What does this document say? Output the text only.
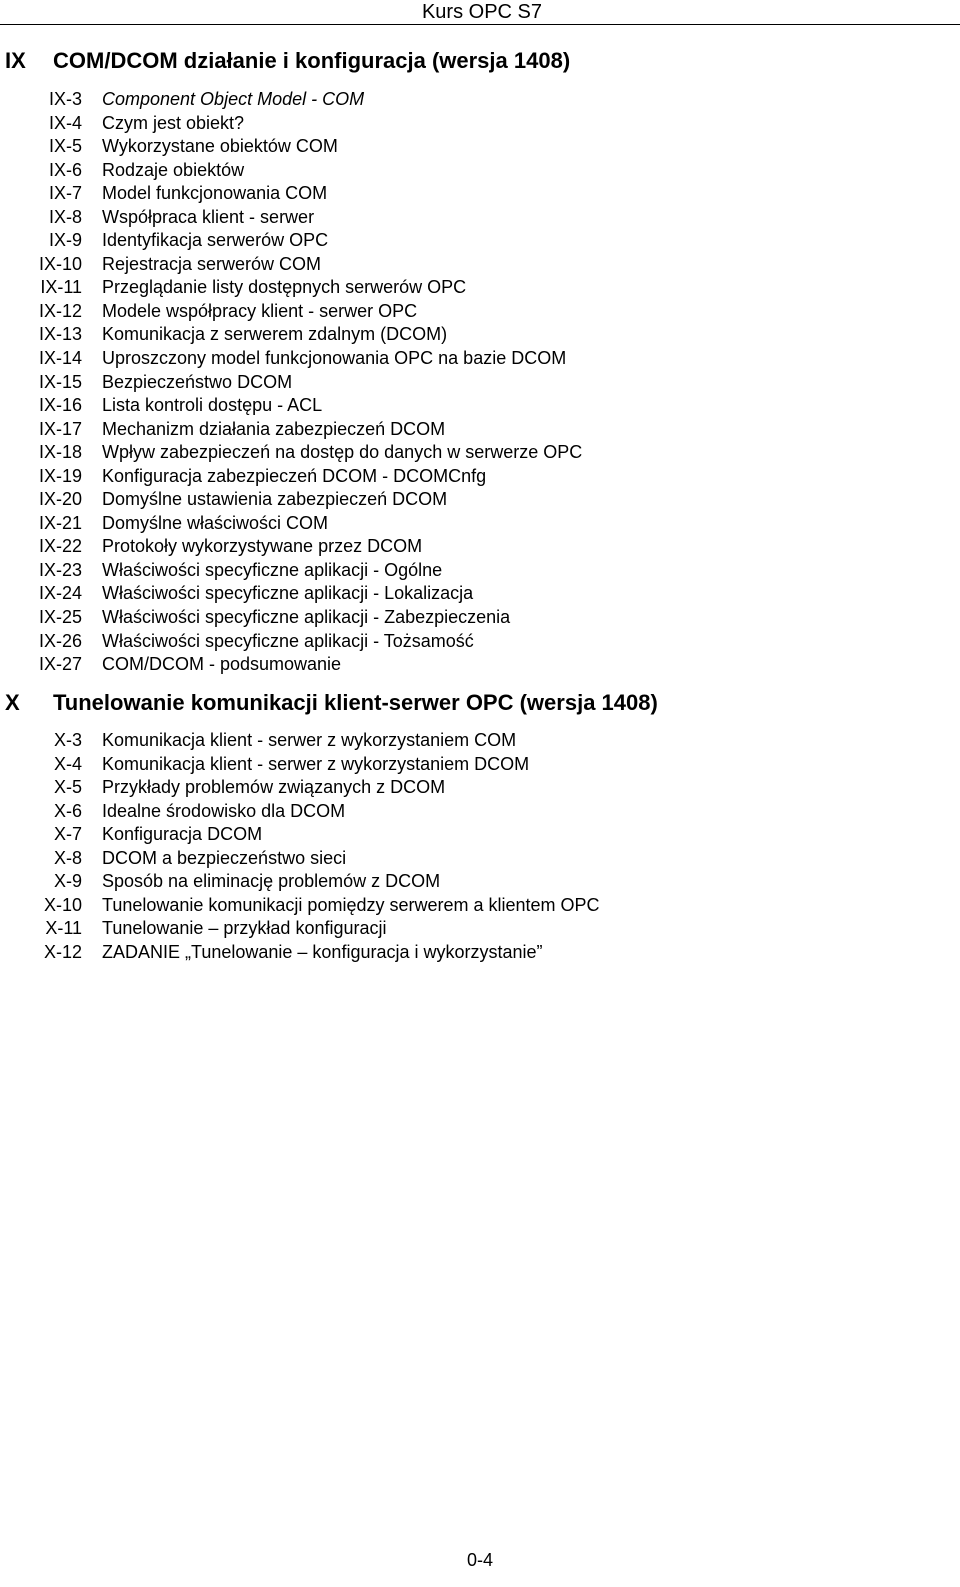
Kurs OPC S7
IX COM/DCOM działanie i konfiguracja (wersja 1408)
IX-3 Component Object Model - COM
IX-4 Czym jest obiekt?
IX-5 Wykorzystane obiektów COM
IX-6 Rodzaje obiektów
IX-7 Model funkcjonowania COM
IX-8 Współpraca klient - serwer
IX-9 Identyfikacja serwerów OPC
IX-10 Rejestracja serwerów COM
IX-11 Przeglądanie listy dostępnych serwerów OPC
IX-12 Modele współpracy klient - serwer OPC
IX-13 Komunikacja z serwerem zdalnym (DCOM)
IX-14 Uproszczony model funkcjonowania OPC na bazie DCOM
IX-15 Bezpieczeństwo DCOM
IX-16 Lista kontroli dostępu - ACL
IX-17 Mechanizm działania zabezpieczeń DCOM
IX-18 Wpływ zabezpieczeń na dostęp do danych w serwerze OPC
IX-19 Konfiguracja zabezpieczeń DCOM - DCOMCnfg
IX-20 Domyślne ustawienia zabezpieczeń DCOM
IX-21 Domyślne właściwości COM
IX-22 Protokoły wykorzystywane przez DCOM
IX-23 Właściwości specyficzne aplikacji - Ogólne
IX-24 Właściwości specyficzne aplikacji - Lokalizacja
IX-25 Właściwości specyficzne aplikacji - Zabezpieczenia
IX-26 Właściwości specyficzne aplikacji - Tożsamość
IX-27 COM/DCOM - podsumowanie
X Tunelowanie komunikacji klient-serwer OPC (wersja 1408)
X-3 Komunikacja klient - serwer z wykorzystaniem COM
X-4 Komunikacja klient - serwer z wykorzystaniem DCOM
X-5 Przykłady problemów związanych z DCOM
X-6 Idealne środowisko dla DCOM
X-7 Konfiguracja DCOM
X-8 DCOM a bezpieczeństwo sieci
X-9 Sposób na eliminację problemów z DCOM
X-10 Tunelowanie komunikacji pomiędzy serwerem a klientem OPC
X-11 Tunelowanie – przykład konfiguracji
X-12 ZADANIE „Tunelowanie – konfiguracja i wykorzystanie”
0-4
